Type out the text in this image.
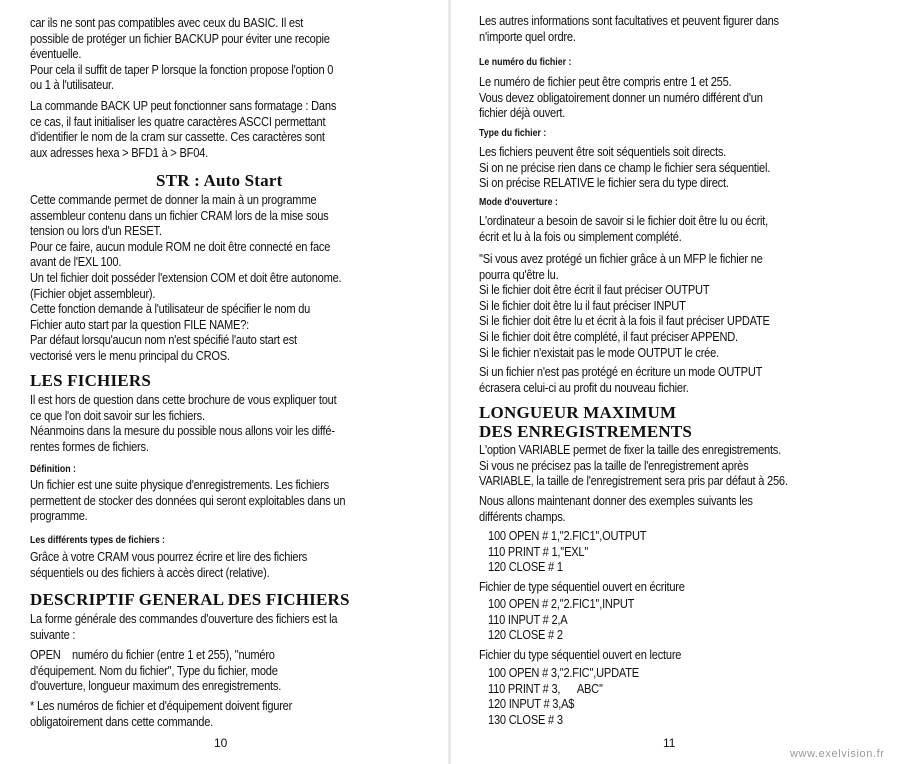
car ils ne sont pas compatibles avec ceux du BASIC. Il est
possible de protéger un fichier BACKUP pour éviter une recopie
éventuelle.
Pour cela il suffit de taper P lorsque la fonction propose l'option 0
ou 1 à l'utilisateur.

La commande BACK UP peut fonctionner sans formatage : Dans
ce cas, il faut initialiser les quatre caractères ASCCI permettant
d'identifier le nom de la cram sur cassette. Ces caractères sont
aux adresses hexa > BFD1 à > BF04.

STR : Auto Start

Cette commande permet de donner la main à un programme
assembleur contenu dans un fichier CRAM lors de la mise sous
tension ou lors d'un RESET.
Pour ce faire, aucun module ROM ne doit être connecté en face
avant de l'EXL 100.
Un tel fichier doit posséder l'extension COM et doit être autonome.
(Fichier objet assembleur).
Cette fonction demande à l'utilisateur de spécifier le nom du
Fichier auto start par la question FILE NAME?:
Par défaut lorsqu'aucun nom n'est spécifié l'auto start est
vectorisé vers le menu principal du CROS.

LES FICHIERS

Il est hors de question dans cette brochure de vous expliquer tout
ce que l'on doit savoir sur les fichiers.
Néanmoins dans la mesure du possible nous allons voir les diffé-
rentes formes de fichiers.

Définition :

Un fichier est une suite physique d'enregistrements. Les fichiers
permettent de stocker des données qui seront exploitables dans un
programme.

Les différents types de fichiers :

Grâce à votre CRAM vous pourrez écrire et lire des fichiers
séquentiels ou des fichiers à accès direct (relative).

DESCRIPTIF GENERAL DES FICHIERS

La forme générale des commandes d'ouverture des fichiers est la
suivante :

OPEN    numéro du fichier (entre 1 et 255), ''numéro
d'équipement. Nom du fichier'', Type du fichier, mode
d'ouverture, longueur maximum des enregistrements.

* Les numéros de fichier et d'équipement doivent figurer
obligatoirement dans cette commande.

10

Les autres informations sont facultatives et peuvent figurer dans
n'importe quel ordre.

Le numéro du fichier :

Le numéro de fichier peut être compris entre 1 et 255.
Vous devez obligatoirement donner un numéro différent d'un
fichier déjà ouvert.

Type du fichier :

Les fichiers peuvent être soit séquentiels soit directs.
Si on ne précise rien dans ce champ le fichier sera séquentiel.
Si on précise RELATIVE le fichier sera du type direct.

Mode d'ouverture :

L'ordinateur a besoin de savoir si le fichier doit être lu ou écrit,
écrit et lu à la fois ou simplement complété.

''Si vous avez protégé un fichier grâce à un MFP le fichier ne
pourra qu'être lu.
Si le fichier doit être écrit il faut préciser OUTPUT
Si le fichier doit être lu il faut préciser INPUT
Si le fichier doit être lu et écrit à la fois il faut préciser UPDATE
Si le fichier doit être complété, il faut préciser APPEND.
Si le fichier n'existait pas le mode OUTPUT le crée.

Si un fichier n'est pas protégé en écriture un mode OUTPUT
écrasera celui-ci au profit du nouveau fichier.

LONGUEUR MAXIMUM
DES ENREGISTREMENTS

L'option VARIABLE permet de fixer la taille des enregistrements.
Si vous ne précisez pas la taille de l'enregistrement après
VARIABLE, la taille de l'enregistrement sera pris par défaut à 256.

Nous allons maintenant donner des exemples suivants les
différents champs.

100 OPEN # 1,''2.FIC1'',OUTPUT
110 PRINT # 1,''EXL''
120 CLOSE # 1

Fichier de type séquentiel ouvert en écriture

100 OPEN # 2,''2.FIC1'',INPUT
110 INPUT # 2,A
120 CLOSE # 2

Fichier du type séquentiel ouvert en lecture

100 OPEN # 3,''2.FIC'',UPDATE
110 PRINT # 3,      ABC''
120 INPUT # 3,A$
130 CLOSE # 3
11
www.exelvision.fr
